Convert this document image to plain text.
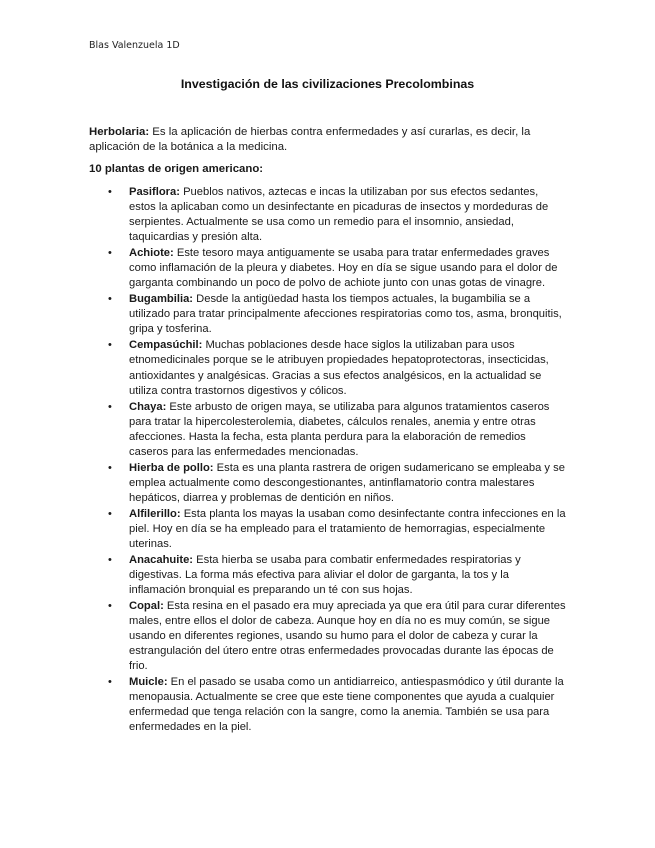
Blas Valenzuela 1D
Investigación de las civilizaciones Precolombinas

Herbolaria: Es la aplicación de hierbas contra enfermedades y así curarlas, es decir, la aplicación de la botánica a la medicina.

10 plantas de origen americano:
• Pasiflora: Pueblos nativos, aztecas e incas la utilizaban por sus efectos sedantes, estos la aplicaban como un desinfectante en picaduras de insectos y mordeduras de serpientes. Actualmente se usa como un remedio para el insomnio, ansiedad, taquicardias y presión alta.
• Achiote: Este tesoro maya antiguamente se usaba para tratar enfermedades graves como inflamación de la pleura y diabetes. Hoy en día se sigue usando para el dolor de garganta combinando un poco de polvo de achiote junto con unas gotas de vinagre.
• Bugambilia: Desde la antigüedad hasta los tiempos actuales, la bugambilia se a utilizado para tratar principalmente afecciones respiratorias como tos, asma, bronquitis, gripa y tosferina.
• Cempasúchil: Muchas poblaciones desde hace siglos la utilizaban para usos etnomedicinales porque se le atribuyen propiedades hepatoprotectoras, insecticidas, antioxidantes y analgésicas. Gracias a sus efectos analgésicos, en la actualidad se utiliza contra trastornos digestivos y cólicos.
• Chaya: Este arbusto de origen maya, se utilizaba para algunos tratamientos caseros para tratar la hipercolesterolemia, diabetes, cálculos renales, anemia y entre otras afecciones. Hasta la fecha, esta planta perdura para la elaboración de remedios caseros para las enfermedades mencionadas.
• Hierba de pollo: Esta es una planta rastrera de origen sudamericano se empleaba y se emplea actualmente como descongestionantes, antinflamatorio contra malestares hepáticos, diarrea y problemas de dentición en niños.
• Alfilerillo: Esta planta los mayas la usaban como desinfectante contra infecciones en la piel. Hoy en día se ha empleado para el tratamiento de hemorragias, especialmente uterinas.
• Anacahuite: Esta hierba se usaba para combatir enfermedades respiratorias y digestivas. La forma más efectiva para aliviar el dolor de garganta, la tos y la inflamación bronquial es preparando un té con sus hojas.
• Copal: Esta resina en el pasado era muy apreciada ya que era útil para curar diferentes males, entre ellos el dolor de cabeza. Aunque hoy en día no es muy común, se sigue usando en diferentes regiones, usando su humo para el dolor de cabeza y curar la estrangulación del útero entre otras enfermedades provocadas durante las épocas de frio.
• Muicle: En el pasado se usaba como un antidiarreico, antiespasmódico y útil durante la menopausia. Actualmente se cree que este tiene componentes que ayuda a cualquier enfermedad que tenga relación con la sangre, como la anemia. También se usa para enfermedades en la piel.
